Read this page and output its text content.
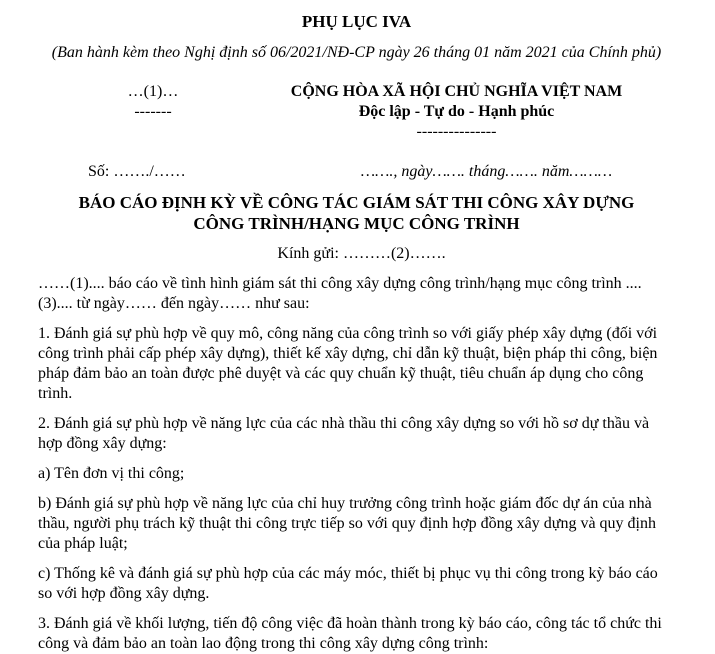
PHỤ LỤC IVA
(Ban hành kèm theo Nghị định số 06/2021/NĐ-CP ngày 26 tháng 01 năm 2021 của Chính phủ)
…(1)…
-------
CỘNG HÒA XÃ HỘI CHỦ NGHĨA VIỆT NAM
Độc lập - Tự do - Hạnh phúc
---------------
Số: ……./……	……., ngày……. tháng……. năm………
BÁO CÁO ĐỊNH KỲ VỀ CÔNG TÁC GIÁM SÁT THI CÔNG XÂY DỰNG
CÔNG TRÌNH/HẠNG MỤC CÔNG TRÌNH
Kính gửi: ………(2)…….

……(1).... báo cáo về tình hình giám sát thi công xây dựng công trình/hạng mục công trình ....(3).... từ ngày…… đến ngày…… như sau:

1. Đánh giá sự phù hợp về quy mô, công năng của công trình so với giấy phép xây dựng (đối với công trình phải cấp phép xây dựng), thiết kế xây dựng, chỉ dẫn kỹ thuật, biện pháp thi công, biện pháp đảm bảo an toàn được phê duyệt và các quy chuẩn kỹ thuật, tiêu chuẩn áp dụng cho công trình.

2. Đánh giá sự phù hợp về năng lực của các nhà thầu thi công xây dựng so với hồ sơ dự thầu và hợp đồng xây dựng:

a) Tên đơn vị thi công;

b) Đánh giá sự phù hợp về năng lực của chỉ huy trưởng công trình hoặc giám đốc dự án của nhà thầu, người phụ trách kỹ thuật thi công trực tiếp so với quy định hợp đồng xây dựng và quy định của pháp luật;

c) Thống kê và đánh giá sự phù hợp của các máy móc, thiết bị phục vụ thi công trong kỳ báo cáo so với hợp đồng xây dựng.

3. Đánh giá về khối lượng, tiến độ công việc đã hoàn thành trong kỳ báo cáo, công tác tổ chức thi công và đảm bảo an toàn lao động trong thi công xây dựng công trình:
